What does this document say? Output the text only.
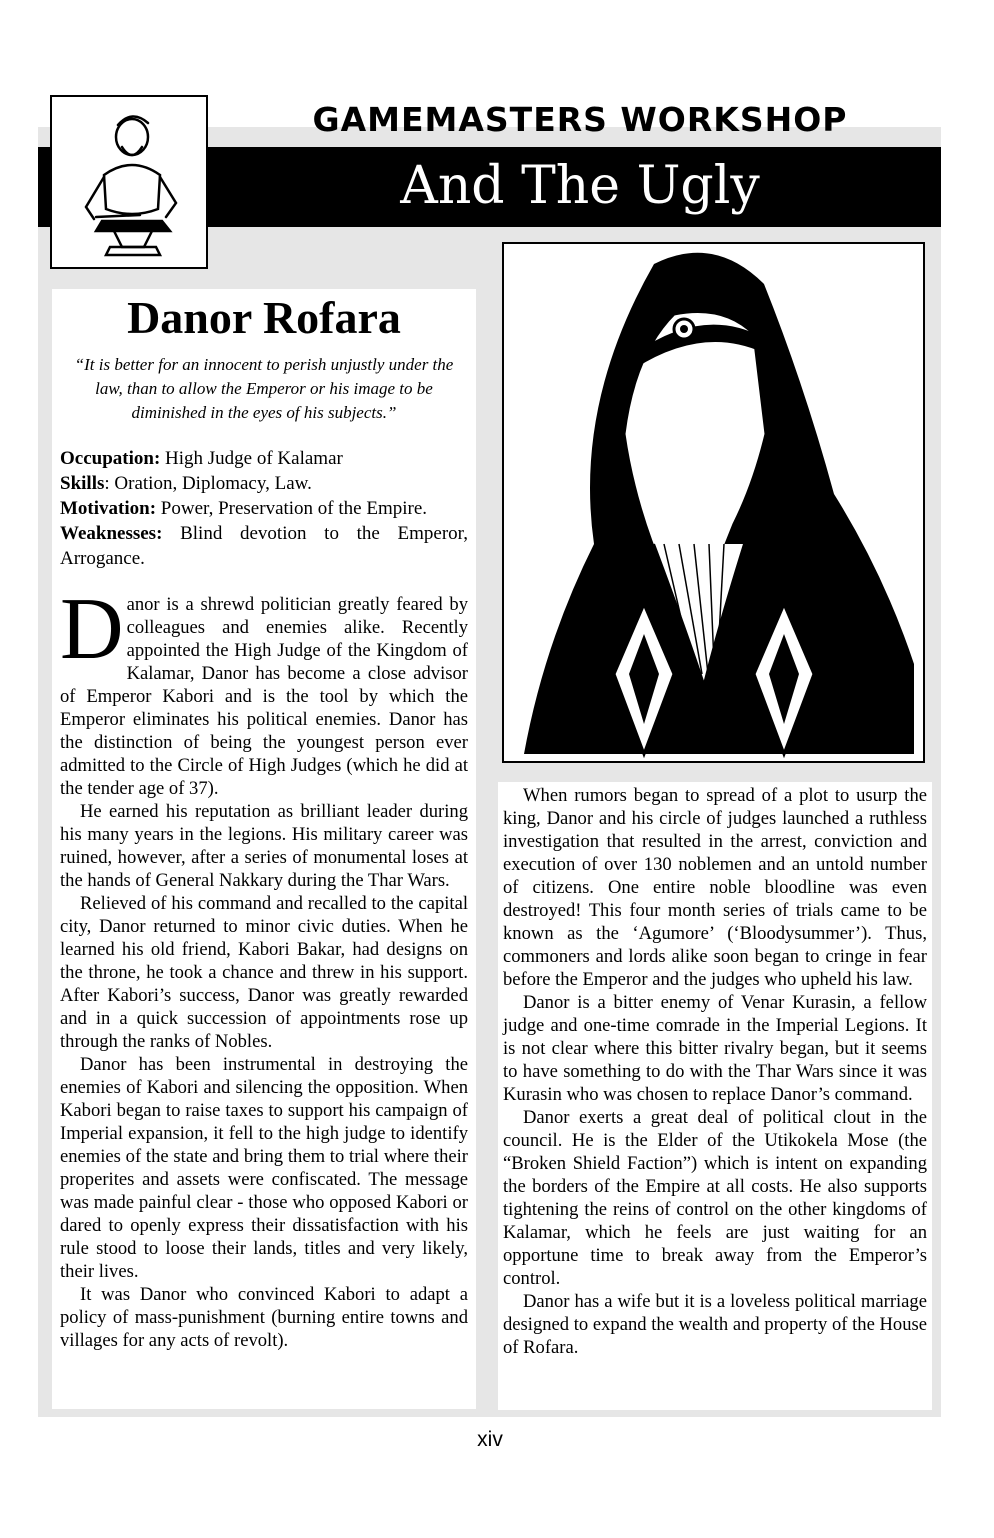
GAMEMASTERS WORKSHOP
And The Ugly
Danor Rofara
“It is better for an innocent to perish unjustly under the law, than to allow the Emperor or his image to be diminished in the eyes of his subjects.”
Occupation: High Judge of Kalamar
Skills: Oration, Diplomacy, Law.
Motivation: Power, Preservation of the Empire.
Weaknesses: Blind devotion to the Emperor, Arrogance.

Danor is a shrewd politician greatly feared by colleagues and enemies alike. Recently appointed the High Judge of the Kingdom of Kalamar, Danor has become a close advisor of Emperor Kabori and is the tool by which the Emperor eliminates his political enemies. Danor has the distinction of being the youngest person ever admitted to the Circle of High Judges (which he did at the tender age of 37).

He earned his reputation as brilliant leader during his many years in the legions. His military career was ruined, however, after a series of monumental loses at the hands of General Nakkary during the Thar Wars.

Relieved of his command and recalled to the capital city, Danor returned to minor civic duties. When he learned his old friend, Kabori Bakar, had designs on the throne, he took a chance and threw in his support. After Kabori’s success, Danor was greatly rewarded and in a quick succession of appointments rose up through the ranks of Nobles.

Danor has been instrumental in destroying the enemies of Kabori and silencing the opposition. When Kabori began to raise taxes to support his campaign of Imperial expansion, it fell to the high judge to identify enemies of the state and bring them to trial where their properites and assets were confiscated. The message was made painful clear - those who opposed Kabori or dared to openly express their dissatisfaction with his rule stood to loose their lands, titles and very likely, their lives.

It was Danor who convinced Kabori to adapt a policy of mass-punishment (burning entire towns and villages for any acts of revolt).

When rumors began to spread of a plot to usurp the king, Danor and his circle of judges launched a ruthless investigation that resulted in the arrest, conviction and execution of over 130 noblemen and an untold number of citizens. One entire noble bloodline was even destroyed! This four month series of trials came to be known as the ‘Agumore’ (‘Bloodysummer’). Thus, commoners and lords alike soon began to cringe in fear before the Emperor and the judges who upheld his law.

Danor is a bitter enemy of Venar Kurasin, a fellow judge and one-time comrade in the Imperial Legions. It is not clear where this bitter rivalry began, but it seems to have something to do with the Thar Wars since it was Kurasin who was chosen to replace Danor’s command.

Danor exerts a great deal of political clout in the council. He is the Elder of the Utikokela Mose (the “Broken Shield Faction”) which is intent on expanding the borders of the Empire at all costs. He also supports tightening the reins of control on the other kingdoms of Kalamar, which he feels are just waiting for an opportune time to break away from the Emperor’s control.

Danor has a wife but it is a loveless political marriage designed to expand the wealth and property of the House of Rofara.

xiv
